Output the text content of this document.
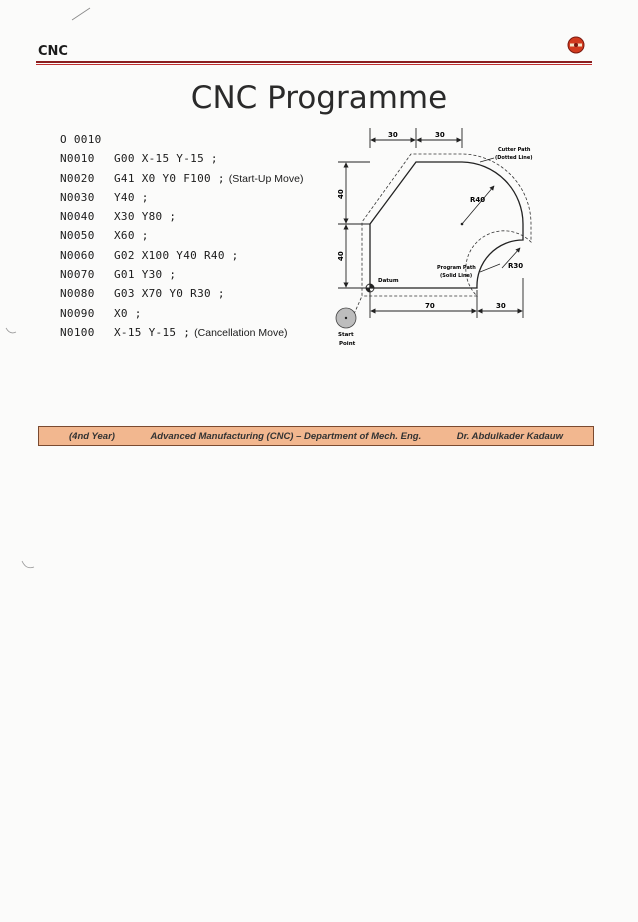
CNC
CNC Programme
O 0010
N0010 G00 X-15 Y-15 ;
N0020 G41 X0 Y0 F100 ; (Start-Up Move)
N0030 Y40 ;
N0040 X30 Y80 ;
N0050 X60 ;
N0060 G02 X100 Y40 R40 ;
N0070 G01 Y30 ;
N0080 G03 X70 Y0 R30 ;
N0090 X0 ;
N0100 X-15 Y-15 ; (Cancellation Move)
30	30
40
40
70	30
R40
R30
Cutter Path
(Dotted Line)
Program Path
(Solid Line)
Datum
Start
Point
(4nd Year)	Advanced Manufacturing (CNC) – Department of Mech. Eng.	Dr. Abdulkader Kadauw
